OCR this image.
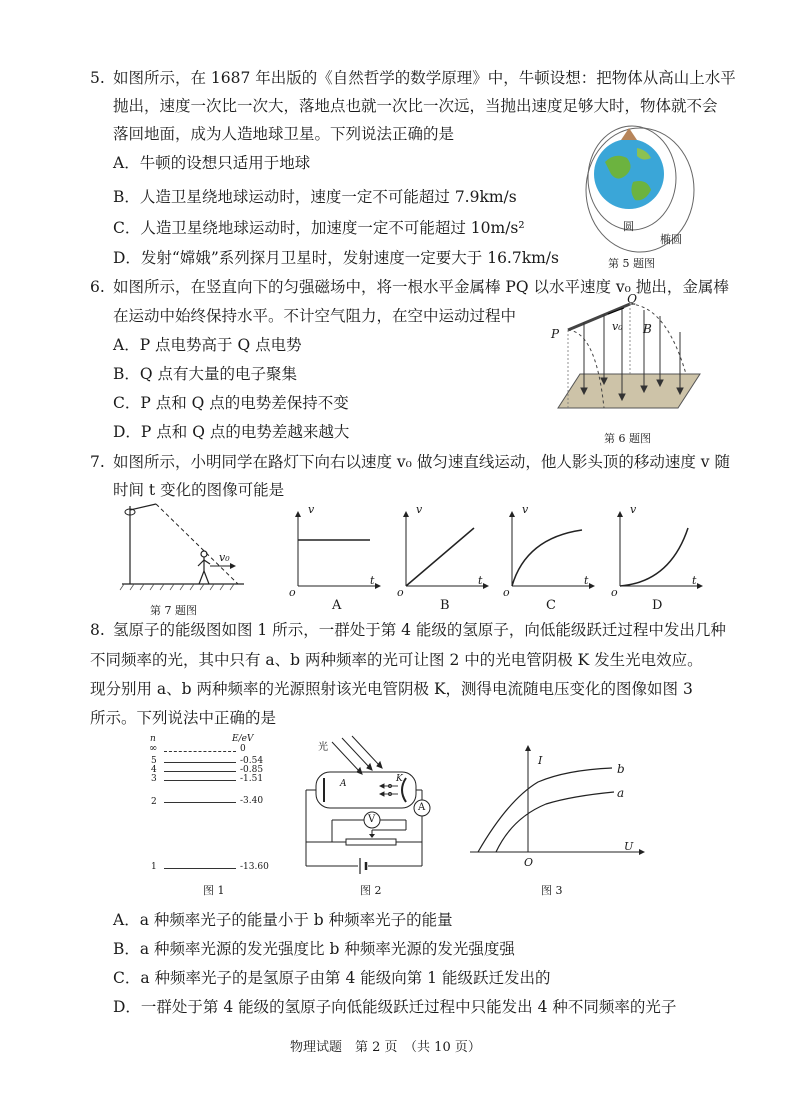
5. 如图所示，在 1687 年出版的《自然哲学的数学原理》中，牛顿设想：把物体从高山上水平
抛出，速度一次比一次大，落地点也就一次比一次远，当抛出速度足够大时，物体就不会
落回地面，成为人造地球卫星。下列说法正确的是
A．牛顿的设想只适用于地球
B．人造卫星绕地球运动时，速度一定不可能超过 7.9km/s
C．人造卫星绕地球运动时，加速度一定不可能超过 10m/s²
D．发射“嫦娥”系列探月卫星时，发射速度一定要大于 16.7km/s
圆
椭圆
第 5 题图
6. 如图所示，在竖直向下的匀强磁场中，将一根水平金属棒 PQ 以水平速度 v₀ 抛出，金属棒
在运动中始终保持水平。不计空气阻力，在空中运动过程中
A．P 点电势高于 Q 点电势
B．Q 点有大量的电子聚集
C．P 点和 Q 点的电势差保持不变
D．P 点和 Q 点的电势差越来越大
P
Q
v₀ B
第 6 题图
7. 如图所示，小明同学在路灯下向右以速度 v₀ 做匀速直线运动，他人影头顶的移动速度 v 随
时间 t 变化的图像可能是
v₀
第 7 题图
v
t
o
v
t
o
v
t
o
v
t
o
A	B	C	D
8. 氢原子的能级图如图 1 所示，一群处于第 4 能级的氢原子，向低能级跃迁过程中发出几种
不同频率的光，其中只有 a、b 两种频率的光可让图 2 中的光电管阴极 K 发生光电效应。
现分别用 a、b 两种频率的光源照射该光电管阴极 K，测得电流随电压变化的图像如图 3
所示。下列说法中正确的是
n	E/eV
∞	0
5	-0.54
4	-0.85
3	-1.51
2	-3.40
1	-13.60
图 1
光
A	K
A
V
图 2
I
U
O
b
a
图 3
A．a 种频率光子的能量小于 b 种频率光子的能量
B．a 种频率光源的发光强度比 b 种频率光源的发光强度强
C．a 种频率光子的是氢原子由第 4 能级向第 1 能级跃迁发出的
D．一群处于第 4 能级的氢原子向低能级跃迁过程中只能发出 4 种不同频率的光子
物理试题　第 2 页　（共 10 页）
